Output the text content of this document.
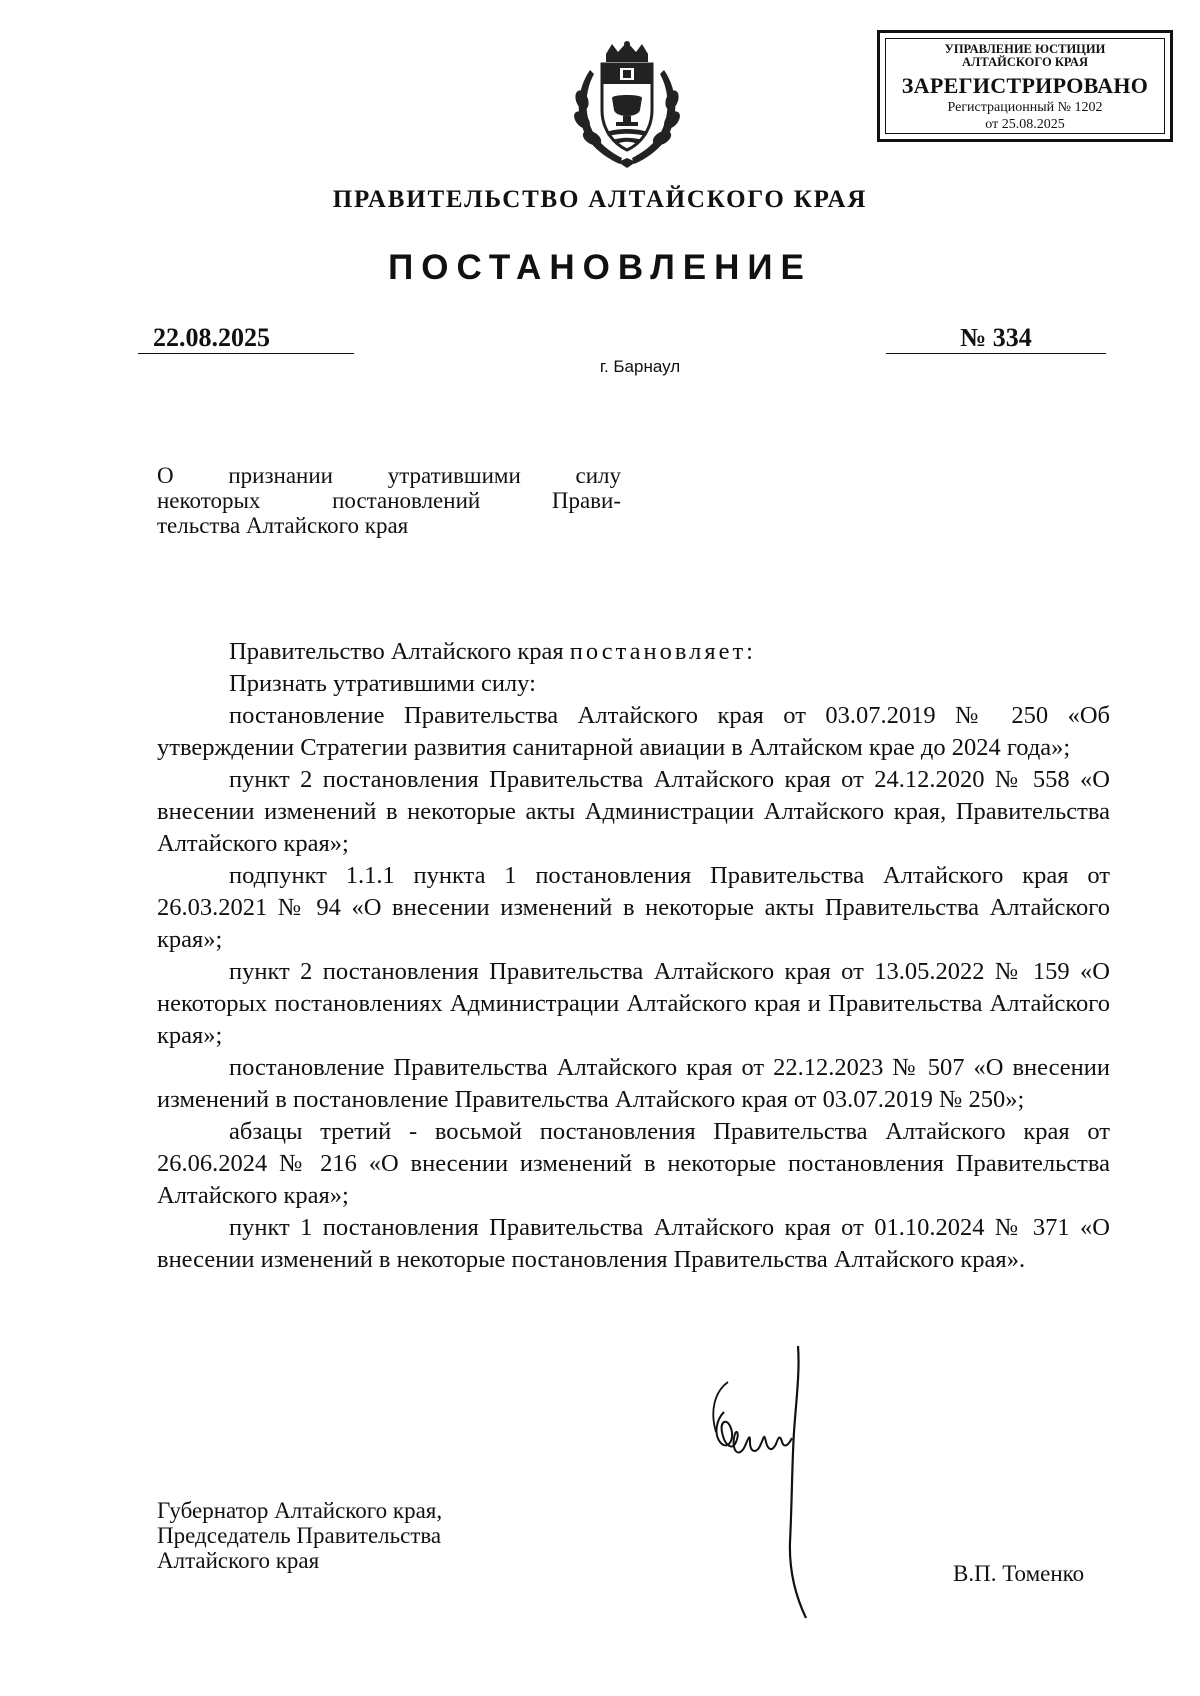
УПРАВЛЕНИЕ ЮСТИЦИИ
АЛТАЙСКОГО КРАЯ
ЗАРЕГИСТРИРОВАНО
Регистрационный № 1202
от 25.08.2025
ПРАВИТЕЛЬСТВО АЛТАЙСКОГО КРАЯ
ПОСТАНОВЛЕНИЕ
22.08.2025	№ 334
г. Барнаул
О признании утратившими силу
некоторых постановлений Прави-
тельства Алтайского края

Правительство Алтайского края постановляет:

Признать утратившими силу:

постановление Правительства Алтайского края от 03.07.2019 № 250 «Об утверждении Стратегии развития санитарной авиации в Алтайском крае до 2024 года»;

пункт 2 постановления Правительства Алтайского края от 24.12.2020 № 558 «О внесении изменений в некоторые акты Администрации Алтайского края, Правительства Алтайского края»;

подпункт 1.1.1 пункта 1 постановления Правительства Алтайского края от 26.03.2021 № 94 «О внесении изменений в некоторые акты Правительства Алтайского края»;

пункт 2 постановления Правительства Алтайского края от 13.05.2022 № 159 «О некоторых постановлениях Администрации Алтайского края и Правительства Алтайского края»;

постановление Правительства Алтайского края от 22.12.2023 № 507 «О внесении изменений в постановление Правительства Алтайского края от 03.07.2019 № 250»;

абзацы третий - восьмой постановления Правительства Алтайского края от 26.06.2024 № 216 «О внесении изменений в некоторые постановления Правительства Алтайского края»;

пункт 1 постановления Правительства Алтайского края от 01.10.2024 № 371 «О внесении изменений в некоторые постановления Правительства Алтайского края».

Губернатор Алтайского края,
Председатель Правительства
Алтайского края
В.П. Томенко
